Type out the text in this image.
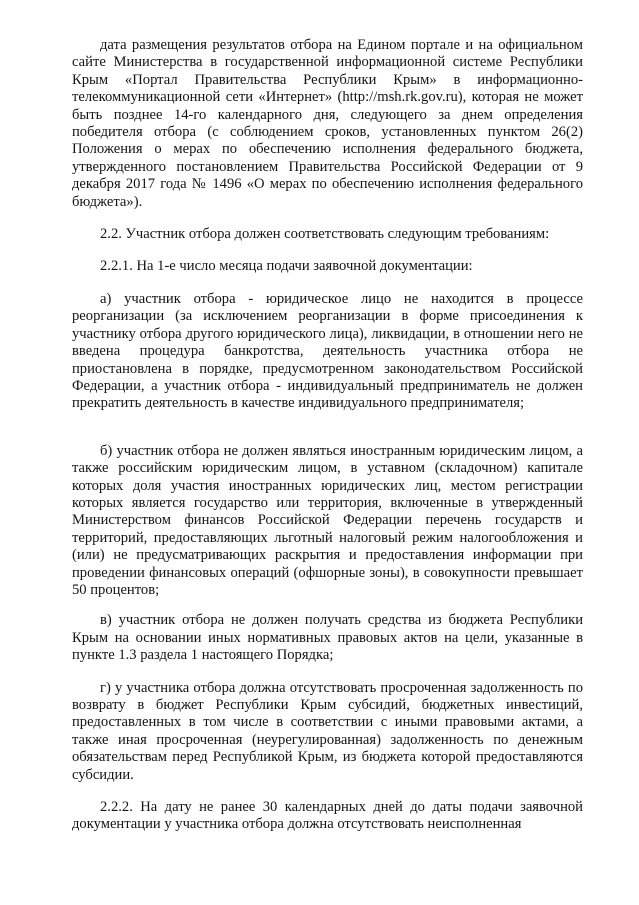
дата размещения результатов отбора на Едином портале и на официальном сайте Министерства в государственной информационной системе Республики Крым «Портал Правительства Республики Крым» в информационно-телекоммуникационной сети «Интернет» (http://msh.rk.gov.ru), которая не может быть позднее 14-го календарного дня, следующего за днем определения победителя отбора (с соблюдением сроков, установленных пунктом 26(2) Положения о мерах по обеспечению исполнения федерального бюджета, утвержденного постановлением Правительства Российской Федерации от 9 декабря 2017 года № 1496 «О мерах по обеспечению исполнения федерального бюджета»).

2.2. Участник отбора должен соответствовать следующим требованиям:

2.2.1. На 1-е число месяца подачи заявочной документации:

а) участник отбора - юридическое лицо не находится в процессе реорганизации (за исключением реорганизации в форме присоединения к участнику отбора другого юридического лица), ликвидации, в отношении него не введена процедура банкротства, деятельность участника отбора не приостановлена в порядке, предусмотренном законодательством Российской Федерации, а участник отбора - индивидуальный предприниматель не должен прекратить деятельность в качестве индивидуального предпринимателя;

б) участник отбора не должен являться иностранным юридическим лицом, а также российским юридическим лицом, в уставном (складочном) капитале которых доля участия иностранных юридических лиц, местом регистрации которых является государство или территория, включенные в утвержденный Министерством финансов Российской Федерации перечень государств и территорий, предоставляющих льготный налоговый режим налогообложения и (или) не предусматривающих раскрытия и предоставления информации при проведении финансовых операций (офшорные зоны), в совокупности превышает 50 процентов;

в) участник отбора не должен получать средства из бюджета Республики Крым на основании иных нормативных правовых актов на цели, указанные в пункте 1.3 раздела 1 настоящего Порядка;

г) у участника отбора должна отсутствовать просроченная задолженность по возврату в бюджет Республики Крым субсидий, бюджетных инвестиций, предоставленных в том числе в соответствии с иными правовыми актами, а также иная просроченная (неурегулированная) задолженность по денежным обязательствам перед Республикой Крым, из бюджета которой предоставляются субсидии.

2.2.2. На дату не ранее 30 календарных дней до даты подачи заявочной документации у участника отбора должна отсутствовать неисполненная
